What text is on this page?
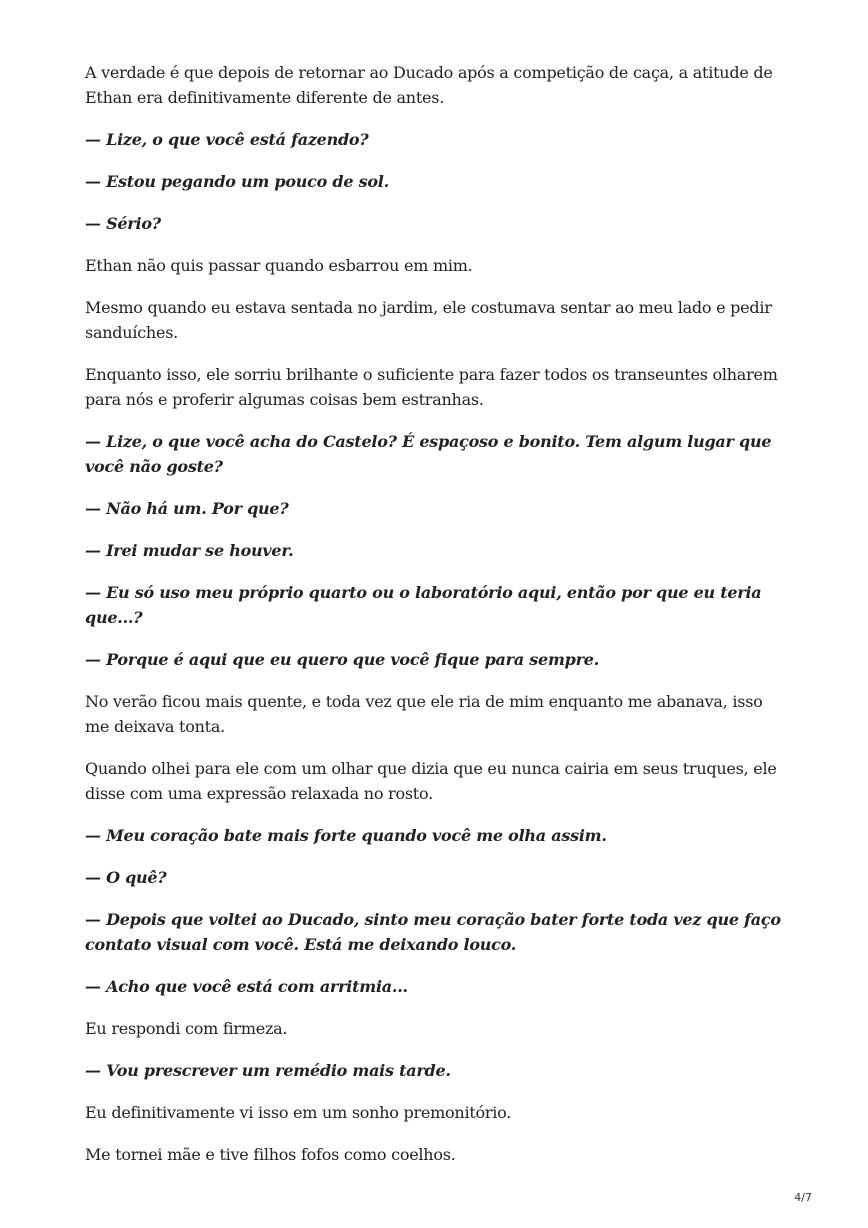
A verdade é que depois de retornar ao Ducado após a competição de caça, a atitude de Ethan era definitivamente diferente de antes.

— Lize, o que você está fazendo?

— Estou pegando um pouco de sol.

— Sério?

Ethan não quis passar quando esbarrou em mim.

Mesmo quando eu estava sentada no jardim, ele costumava sentar ao meu lado e pedir sanduíches.

Enquanto isso, ele sorriu brilhante o suficiente para fazer todos os transeuntes olharem para nós e proferir algumas coisas bem estranhas.

— Lize, o que você acha do Castelo? É espaçoso e bonito. Tem algum lugar que você não goste?

— Não há um. Por que?

— Irei mudar se houver.

— Eu só uso meu próprio quarto ou o laboratório aqui, então por que eu teria que...?

— Porque é aqui que eu quero que você fique para sempre.

No verão ficou mais quente, e toda vez que ele ria de mim enquanto me abanava, isso me deixava tonta.

Quando olhei para ele com um olhar que dizia que eu nunca cairia em seus truques, ele disse com uma expressão relaxada no rosto.

— Meu coração bate mais forte quando você me olha assim.

— O quê?

— Depois que voltei ao Ducado, sinto meu coração bater forte toda vez que faço contato visual com você. Está me deixando louco.

— Acho que você está com arritmia...

Eu respondi com firmeza.

— Vou prescrever um remédio mais tarde.

Eu definitivamente vi isso em um sonho premonitório.

Me tornei mãe e tive filhos fofos como coelhos.

4/7
